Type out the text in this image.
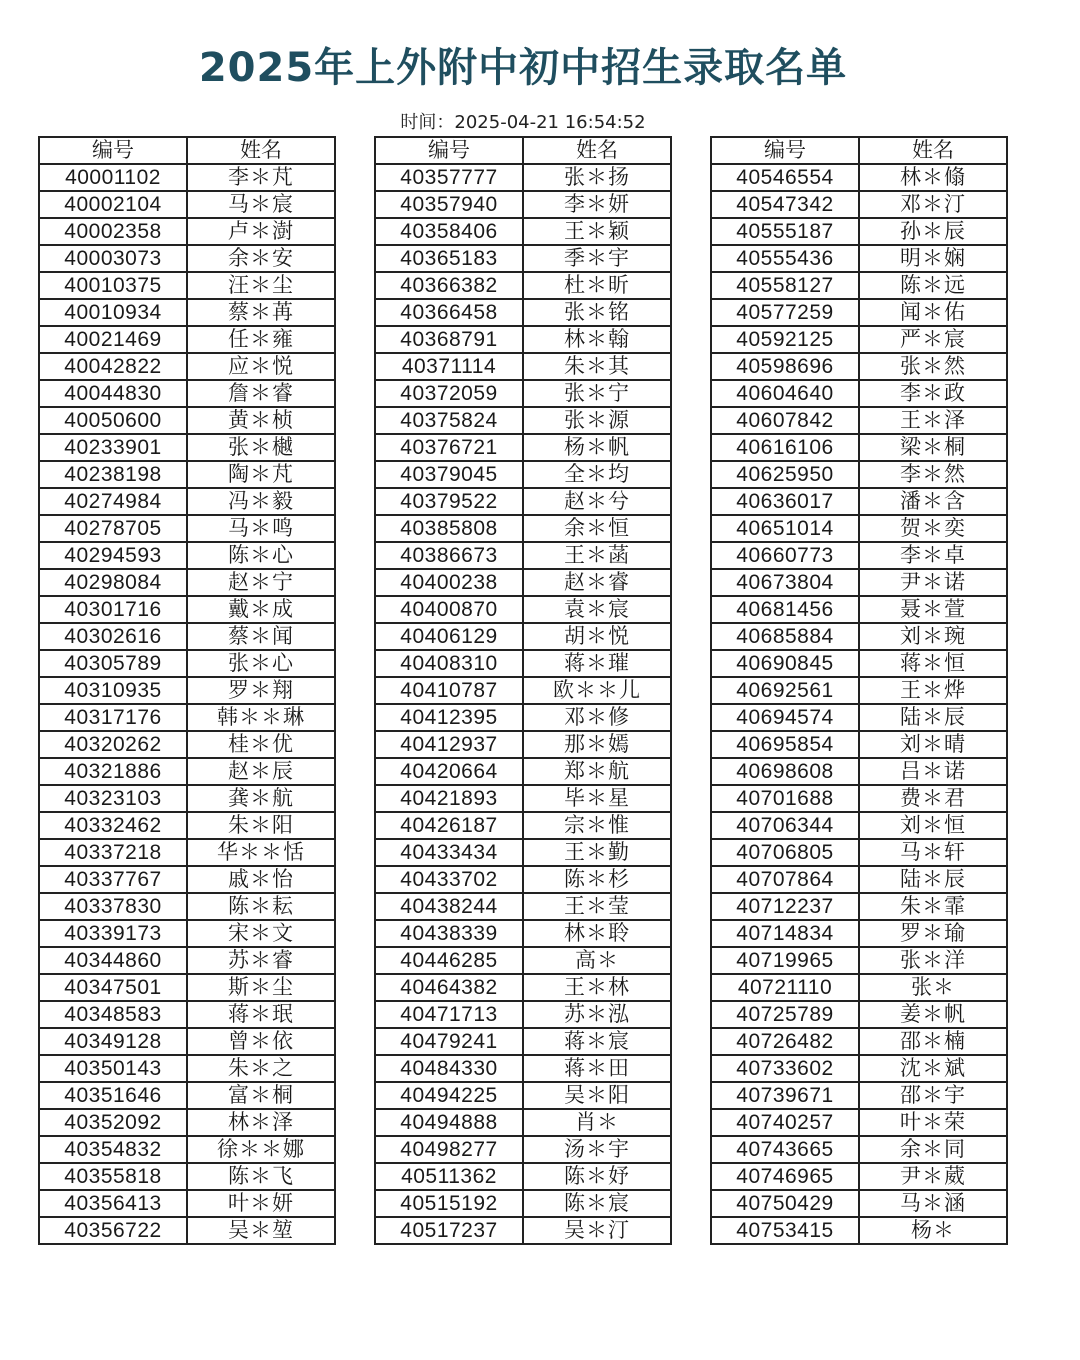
2025年上外附中初中招生录取名单
时间：2025-04-21 16:54:52
编号	姓名
40001102	李＊芃
40002104	马＊宸
40002358	卢＊澍
40003073	余＊安
40010375	汪＊尘
40010934	蔡＊苒
40021469	任＊雍
40042822	应＊悦
40044830	詹＊睿
40050600	黄＊桢
40233901	张＊樾
40238198	陶＊芃
40274984	冯＊毅
40278705	马＊鸣
40294593	陈＊心
40298084	赵＊宁
40301716	戴＊成
40302616	蔡＊闻
40305789	张＊心
40310935	罗＊翔
40317176	韩＊＊琳
40320262	桂＊优
40321886	赵＊辰
40323103	龚＊航
40332462	朱＊阳
40337218	华＊＊恬
40337767	戚＊怡
40337830	陈＊耘
40339173	宋＊文
40344860	苏＊睿
40347501	斯＊尘
40348583	蒋＊珉
40349128	曾＊依
40350143	朱＊之
40351646	富＊桐
40352092	林＊泽
40354832	徐＊＊娜
40355818	陈＊飞
40356413	叶＊妍
40356722	吴＊堃
编号	姓名
40357777	张＊扬
40357940	李＊妍
40358406	王＊颖
40365183	季＊宇
40366382	杜＊昕
40366458	张＊铭
40368791	林＊翰
40371114	朱＊其
40372059	张＊宁
40375824	张＊源
40376721	杨＊帆
40379045	全＊均
40379522	赵＊兮
40385808	余＊恒
40386673	王＊菡
40400238	赵＊睿
40400870	袁＊宸
40406129	胡＊悦
40408310	蒋＊璀
40410787	欧＊＊儿
40412395	邓＊修
40412937	那＊嫣
40420664	郑＊航
40421893	毕＊星
40426187	宗＊惟
40433434	王＊勤
40433702	陈＊杉
40438244	王＊莹
40438339	林＊聆
40446285	高＊
40464382	王＊林
40471713	苏＊泓
40479241	蒋＊宸
40484330	蒋＊田
40494225	吴＊阳
40494888	肖＊
40498277	汤＊宇
40511362	陈＊妤
40515192	陈＊宸
40517237	吴＊汀
编号	姓名
40546554	林＊翛
40547342	邓＊汀
40555187	孙＊辰
40555436	明＊娴
40558127	陈＊远
40577259	闻＊佑
40592125	严＊宸
40598696	张＊然
40604640	李＊政
40607842	王＊泽
40616106	梁＊桐
40625950	李＊然
40636017	潘＊含
40651014	贺＊奕
40660773	李＊卓
40673804	尹＊诺
40681456	聂＊萱
40685884	刘＊琬
40690845	蒋＊恒
40692561	王＊烨
40694574	陆＊辰
40695854	刘＊晴
40698608	吕＊诺
40701688	费＊君
40706344	刘＊恒
40706805	马＊轩
40707864	陆＊辰
40712237	朱＊霏
40714834	罗＊瑜
40719965	张＊洋
40721110	张＊
40725789	姜＊帆
40726482	邵＊楠
40733602	沈＊斌
40739671	邵＊宇
40740257	叶＊荣
40743665	余＊同
40746965	尹＊葳
40750429	马＊涵
40753415	杨＊
